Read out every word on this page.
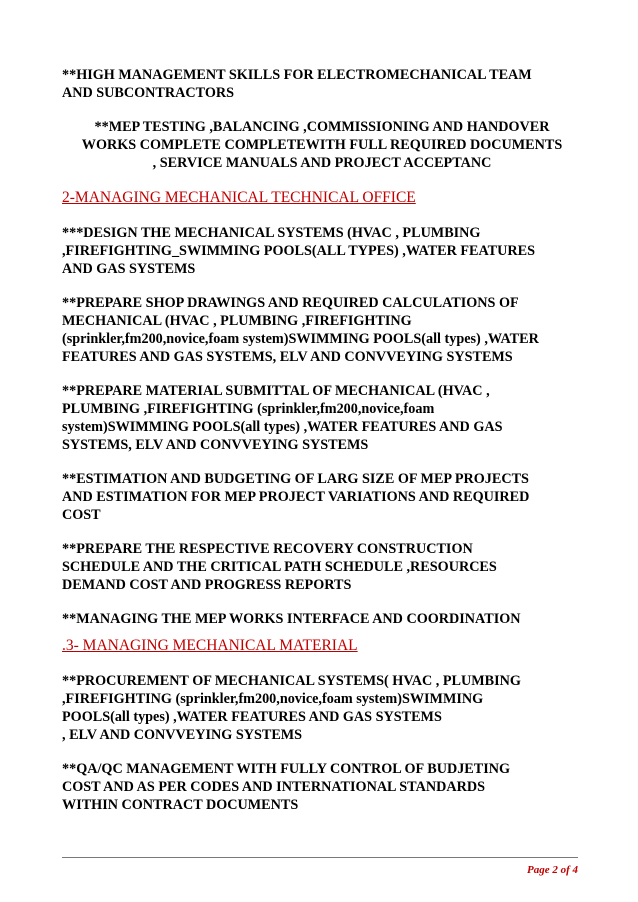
**HIGH MANAGEMENT SKILLS FOR ELECTROMECHANICAL TEAM
AND SUBCONTRACTORS
**MEP TESTING ,BALANCING ,COMMISSIONING AND HANDOVER
WORKS COMPLETE COMPLETEWITH FULL REQUIRED DOCUMENTS
, SERVICE MANUALS AND PROJECT ACCEPTANC
2-MANAGING MECHANICAL TECHNICAL OFFICE
***DESIGN THE MECHANICAL SYSTEMS (HVAC , PLUMBING
,FIREFIGHTING_SWIMMING POOLS(ALL TYPES) ,WATER FEATURES
AND GAS SYSTEMS
**PREPARE SHOP DRAWINGS AND REQUIRED CALCULATIONS OF
MECHANICAL (HVAC , PLUMBING ,FIREFIGHTING
(sprinkler,fm200,novice,foam system)SWIMMING POOLS(all types) ,WATER
FEATURES AND GAS SYSTEMS, ELV AND CONVVEYING SYSTEMS
**PREPARE MATERIAL SUBMITTAL OF MECHANICAL (HVAC ,
PLUMBING ,FIREFIGHTING (sprinkler,fm200,novice,foam
system)SWIMMING POOLS(all types) ,WATER FEATURES AND GAS
SYSTEMS, ELV AND CONVVEYING SYSTEMS
**ESTIMATION AND BUDGETING OF LARG SIZE OF MEP PROJECTS
AND ESTIMATION FOR MEP PROJECT VARIATIONS AND REQUIRED
COST
**PREPARE THE RESPECTIVE RECOVERY CONSTRUCTION
SCHEDULE AND THE CRITICAL PATH SCHEDULE ,RESOURCES
DEMAND COST AND PROGRESS REPORTS
**MANAGING THE MEP WORKS INTERFACE AND COORDINATION
.3- MANAGING MECHANICAL MATERIAL
**PROCUREMENT OF MECHANICAL SYSTEMS( HVAC , PLUMBING
,FIREFIGHTING (sprinkler,fm200,novice,foam system)SWIMMING
POOLS(all types) ,WATER FEATURES AND GAS SYSTEMS
, ELV AND CONVVEYING SYSTEMS
**QA/QC MANAGEMENT WITH FULLY CONTROL OF BUDJETING
COST AND AS PER CODES AND INTERNATIONAL STANDARDS
WITHIN CONTRACT DOCUMENTS
Page 2 of 4
